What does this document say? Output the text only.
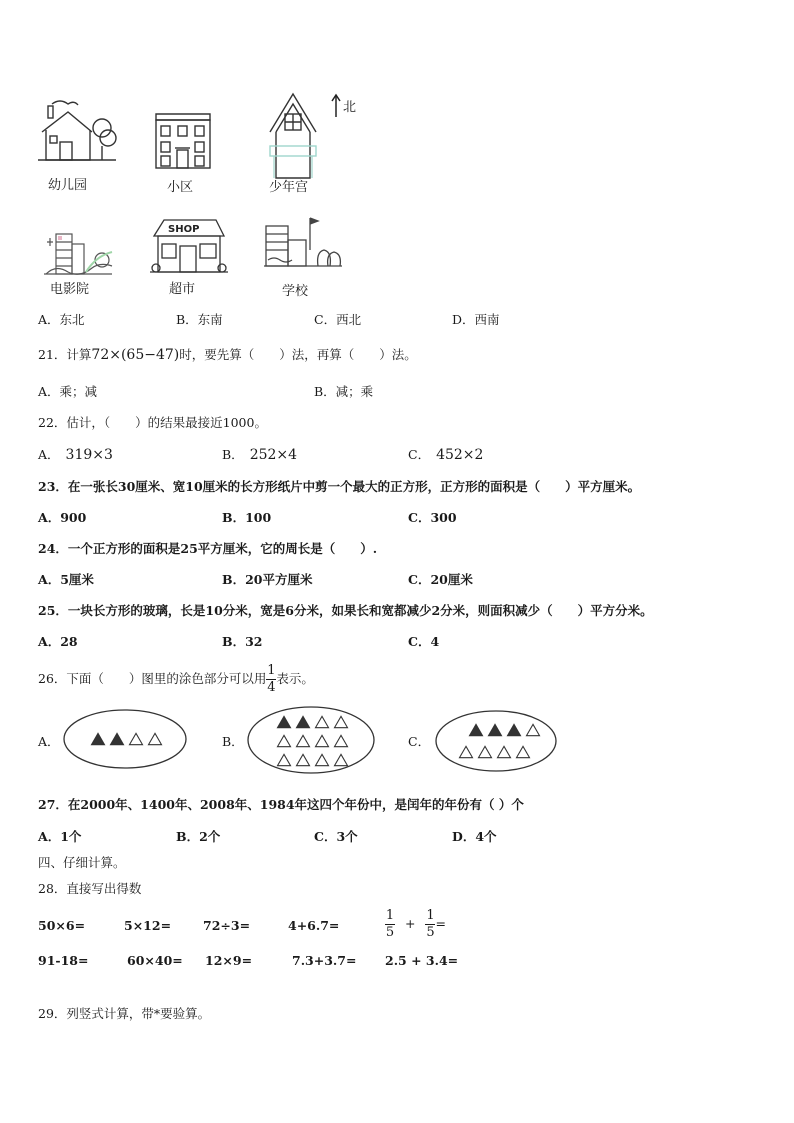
幼儿园	小区
北
少年宫
电影院
SHOP
超市	学校
A．东北	B．东南	C．西北	D．西南
21．计算72×(65−47)时，要先算（　　）法，再算（　　）法。
A．乘；减	B．减；乘
22．估计，（　　）的结果最接近1000。
A． 319×3	B． 252×4	C． 452×2
23．在一张长30厘米、宽10厘米的长方形纸片中剪一个最大的正方形，正方形的面积是（　　）平方厘米。
A．900	B．100	C．300
24．一个正方形的面积是25平方厘米，它的周长是（　　）.
A．5厘米	B．20平方厘米	C．20厘米
25．一块长方形的玻璃，长是10分米，宽是6分米，如果长和宽都减少2分米，则面积减少（　　）平方分米。
A．28	B．32	C．4
26．下面（　　）图里的涂色部分可以用 $\frac{1}{4}$ 表示。
A．	B．	C．
27．在2000年、1400年、2008年、1984年这四个年份中，是闰年的年份有（ ）个
A．1个	B．2个	C．3个	D．4个
四、仔细计算。
28．直接写出得数
50×6=	5×12=	72÷3=	4+6.7=	$\frac{1}{5} + \frac{1}{5}$ =
91-18=	60×40= 12×9=	7.3+3.7= 2.5 + 3.4=
29．列竖式计算，带*要验算。
